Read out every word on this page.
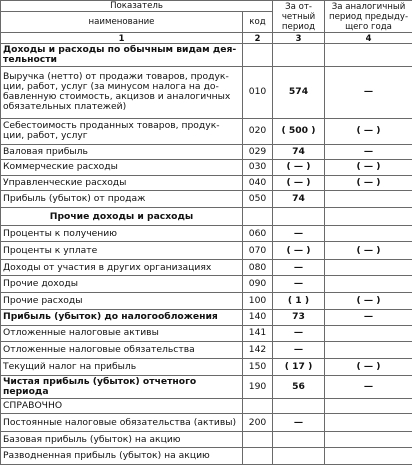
Показатель		За от-четный период	За аналогичный период предыду-щего года
наименование	код		
1	2	3	4
Доходы и расходы по обычным видам дея-тельности			
Выручка (нетто) от продажи товаров, продук-ции, работ, услуг (за минусом налога на до-бавленную стоимость, акцизов и аналогичных обязательных платежей)	010	574	—
Себестоимость проданных товаров, продук-ции, работ, услуг	020	( 500 )	( — )
Валовая прибыль	029	74	—
Коммерческие расходы	030	( — )	( — )
Управленческие расходы	040	( — )	( — )
Прибыль (убыток) от продаж	050	74	
Прочие доходы и расходы			
Проценты к получению	060	—	
Проценты к уплате	070	( — )	( — )
Доходы от участия в других организациях	080	—	
Прочие доходы	090	—	
Прочие расходы	100	( 1 )	( — )
Прибыль (убыток) до налогообложения	140	73	—
Отложенные налоговые активы	141	—	
Отложенные налоговые обязательства	142	—	
Текущий налог на прибыль	150	( 17 )	( — )
Чистая прибыль (убыток) отчетного периода	190	56	—
СПРАВОЧНО			
Постоянные налоговые обязательства (активы)	200	—	
Базовая прибыль (убыток) на акцию			
Разводненная прибыль (убыток) на акцию			
